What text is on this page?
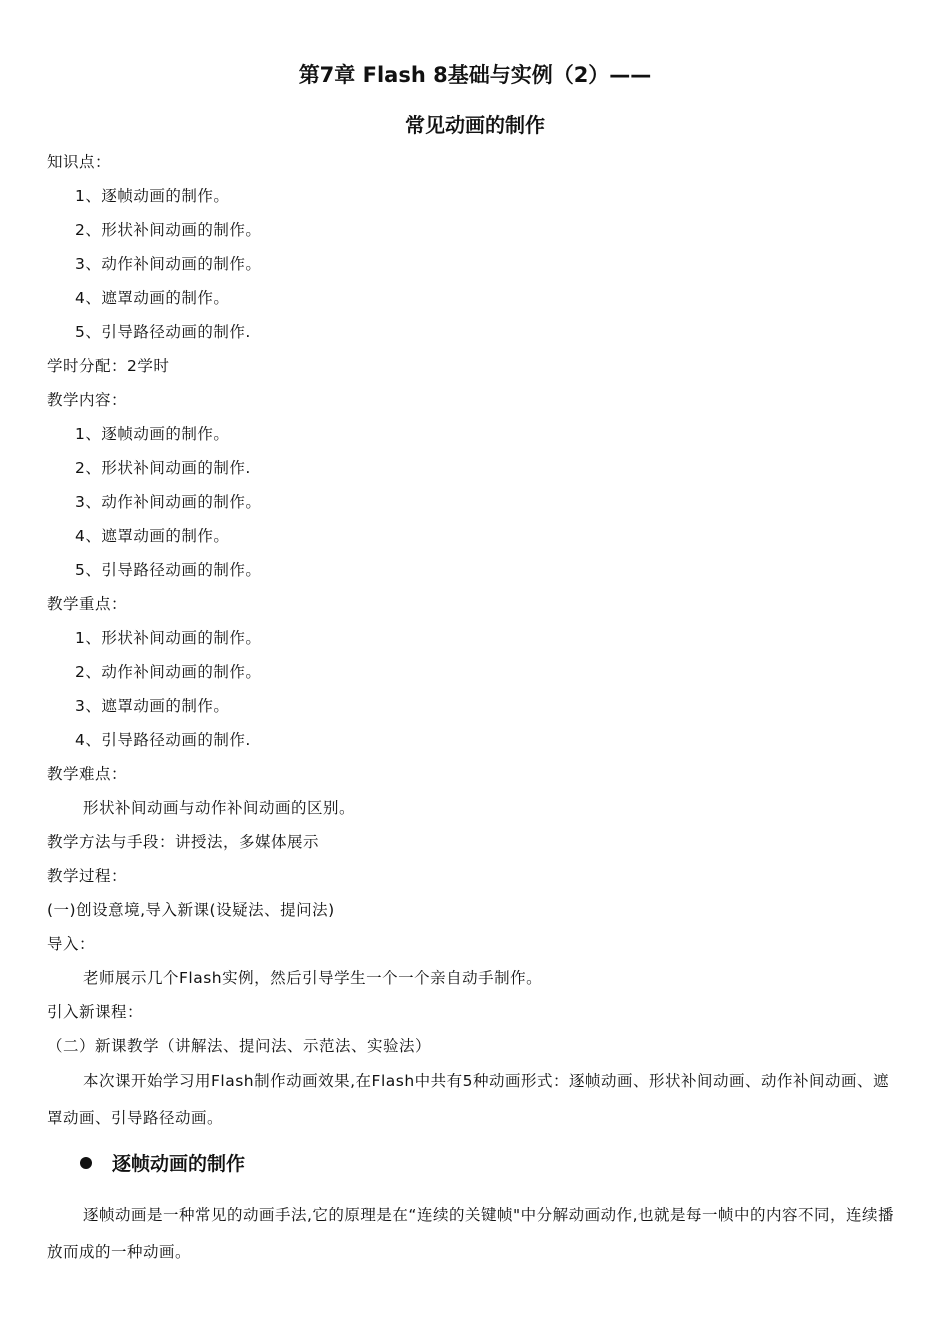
第7章 Flash 8基础与实例（2）——
常见动画的制作
知识点：
1、逐帧动画的制作。
2、形状补间动画的制作。
3、动作补间动画的制作。
4、遮罩动画的制作。
5、引导路径动画的制作.
学时分配：2学时
教学内容：
1、逐帧动画的制作。
2、形状补间动画的制作.
3、动作补间动画的制作。
4、遮罩动画的制作。
5、引导路径动画的制作。
教学重点：
1、形状补间动画的制作。
2、动作补间动画的制作。
3、遮罩动画的制作。
4、引导路径动画的制作.
教学难点：
形状补间动画与动作补间动画的区别。
教学方法与手段：讲授法，多媒体展示
教学过程：
(一)创设意境,导入新课(设疑法、提问法)
导入：
老师展示几个Flash实例，然后引导学生一个一个亲自动手制作。
引入新课程：
（二）新课教学（讲解法、提问法、示范法、实验法）
本次课开始学习用Flash制作动画效果,在Flash中共有5种动画形式：逐帧动画、形状补间动画、动作补间动画、遮罩动画、引导路径动画。
逐帧动画的制作
逐帧动画是一种常见的动画手法,它的原理是在“连续的关键帧"中分解动画动作,也就是每一帧中的内容不同，连续播放而成的一种动画。
